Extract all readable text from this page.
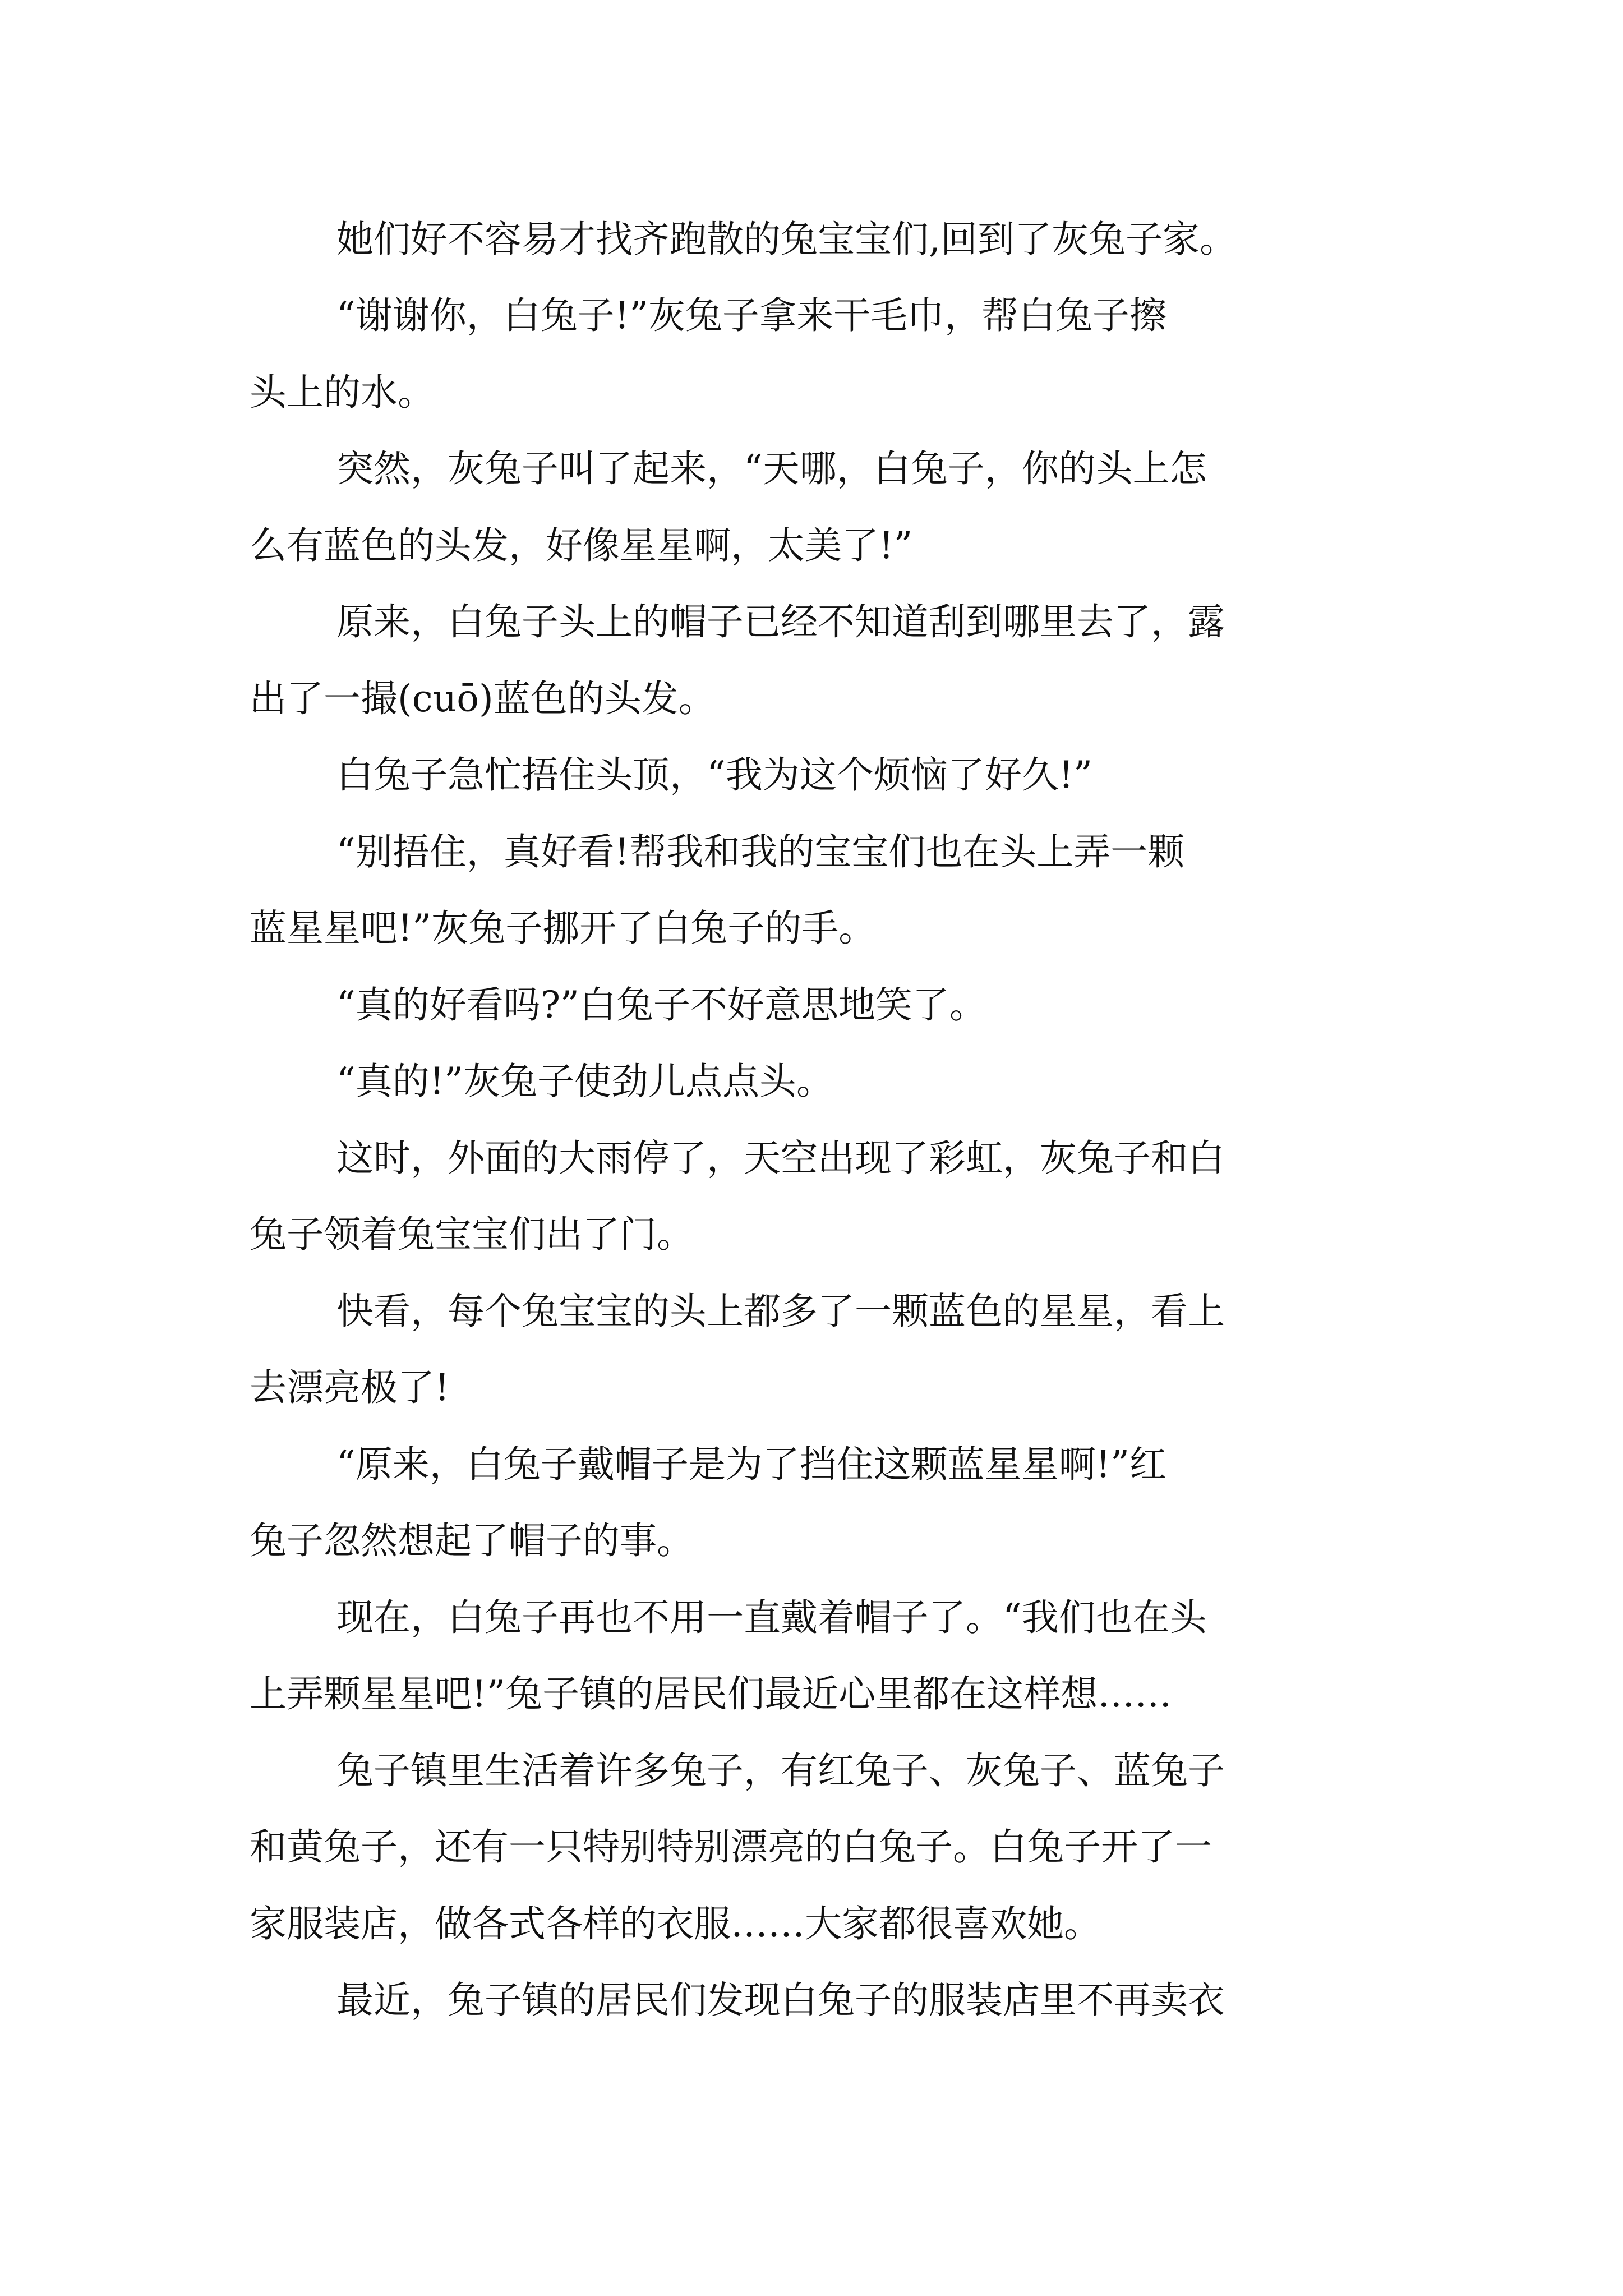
她们好不容易才找齐跑散的兔宝宝们,回到了灰兔子家。
“谢谢你，白兔子!”灰兔子拿来干毛巾，帮白兔子擦
头上的水。
突然，灰兔子叫了起来，“天哪，白兔子，你的头上怎
么有蓝色的头发，好像星星啊，太美了!”
原来，白兔子头上的帽子已经不知道刮到哪里去了，露
出了一撮(cuō)蓝色的头发。
白兔子急忙捂住头顶，“我为这个烦恼了好久!”
“别捂住，真好看!帮我和我的宝宝们也在头上弄一颗
蓝星星吧!”灰兔子挪开了白兔子的手。
“真的好看吗?”白兔子不好意思地笑了。
“真的!”灰兔子使劲儿点点头。
这时，外面的大雨停了，天空出现了彩虹，灰兔子和白
兔子领着兔宝宝们出了门。
快看，每个兔宝宝的头上都多了一颗蓝色的星星，看上
去漂亮极了!
“原来，白兔子戴帽子是为了挡住这颗蓝星星啊!”红
兔子忽然想起了帽子的事。
现在，白兔子再也不用一直戴着帽子了。“我们也在头
上弄颗星星吧!”兔子镇的居民们最近心里都在这样想……
兔子镇里生活着许多兔子，有红兔子、灰兔子、蓝兔子
和黄兔子，还有一只特别特别漂亮的白兔子。白兔子开了一
家服装店，做各式各样的衣服……大家都很喜欢她。
最近，兔子镇的居民们发现白兔子的服装店里不再卖衣
